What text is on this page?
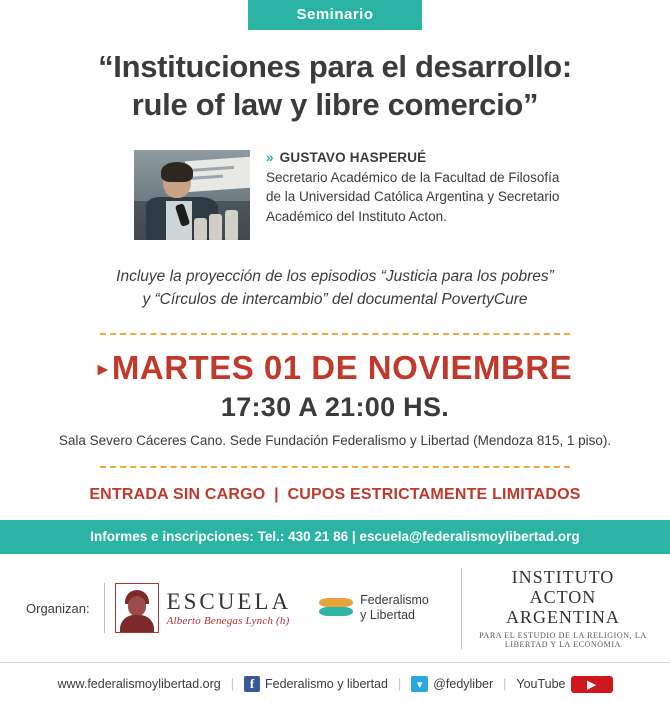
Seminario
“Instituciones para el desarrollo:
rule of law y libre comercio”

» GUSTAVO HASPERUÉ

Secretario Académico de la Facultad de Filosofía de la Universidad Católica Argentina y Secretario Académico del Instituto Acton.

Incluye la proyección de los episodios “Justicia para los pobres”
y “Círculos de intercambio” del documental PovertyCure
▸ MARTES 01 DE NOVIEMBRE
17:30 A 21:00 HS.
Sala Severo Cáceres Cano. Sede Fundación Federalismo y Libertad (Mendoza 815, 1 piso).
ENTRADA SIN CARGO | CUPOS ESTRICTAMENTE LIMITADOS
Informes e inscripciones: Tel.: 430 21 86 | escuela@federalismoylibertad.org
Organizan:	ESCUELA
Alberto Benegas Lynch (h)
Federalismo
y Libertad
INSTITUTO ACTON ARGENTINA
PARA EL ESTUDIO DE LA RELIGION, LA LIBERTAD Y LA ECONOMIA
www.federalismoylibertad.org |	f Federalismo y libertad |	▾ @fedyliber | YouTube	▶
